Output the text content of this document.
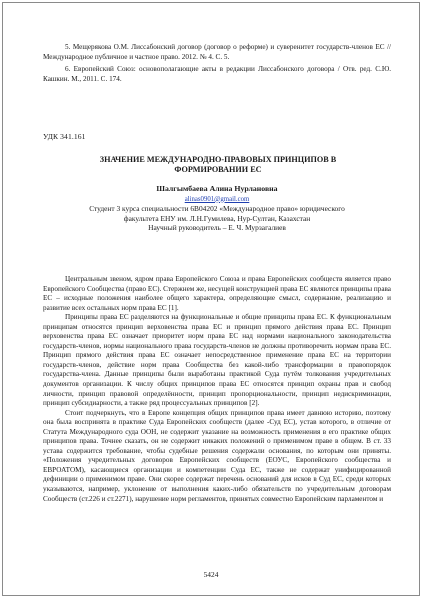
5. Мещерякова О.М. Лиссабонский договор (договор о реформе) и суверенитет государств-членов ЕС // Международное публичное и частное право. 2012. № 4. С. 5.

6. Европейский Союз: основополагающие акты в редакции Лиссабонского договора / Отв. ред. С.Ю. Кашкин. М., 2011. С. 174.

УДК 341.161
ЗНАЧЕНИЕ МЕЖДУНАРОДНО-ПРАВОВЫХ ПРИНЦИПОВ В ФОРМИРОВАНИИ ЕС
Шалгымбаева Алина Нурлановна
alinas0901@gmail.com
Студент 3 курса специальности 6В04202 «Международное право» юридического
факультета ЕНУ им. Л.Н.Гумилева, Нур-Султан, Казахстан
Научный руководитель – Е. Ч. Мурзагалиев

Центральным звеном, ядром права Европейского Союза и права Европейских сообществ является право Европейского Сообщества (право ЕС). Стержнем же, несущей конструкцией права ЕС являются принципы права ЕС – исходные положения наиболее общего характера, определяющие смысл, содержание, реализацию и развитие всех остальных норм права ЕС [1].

Принципы права ЕС разделяются на функциональные и общие принципы права ЕС. К функциональным принципам относятся принцип верховенства права ЕС и принцип прямого действия права ЕС. Принцип верховенства права ЕС означает приоритет норм права ЕС над нормами национального законодательства государств-членов, нормы национального права государств-членов не должны противоречить нормам права ЕС. Принцип прямого действия права ЕС означает непосредственное применение права ЕС на территории государств-членов, действие норм права Сообщества без какой-либо трансформации в правопорядок государства-члена. Данные принципы были выработаны практикой Суда путём толкования учредительных документов организации. К числу общих принципов права ЕС относятся принцип охраны прав и свобод личности, принцип правовой определённости, принцип пропорциональности, принцип недискриминации, принцип субсидиарности, а также ряд процессуальных принципов [2].

Стоит подчеркнуть, что в Европе концепция общих принципов права имеет давнюю историю, поэтому она была воспринята в практике Суда Европейских сообществ (далее -Суд ЕС), устав которого, в отличие от Статута Международного суда ООН, не содержит указание на возможность применения в его практике общих принципов права. Точнее сказать, он не содержит никаких положений о применимом праве в общем. В ст. 33 устава содержится требование, чтобы судебные решения содержали основания, по которым они приняты. «Положения учредительных договоров Европейских сообществ (ЕОУС, Европейского сообщества и ЕВРОАТОМ), касающиеся организации и компетенции Суда ЕС, также не содержат унифицированной дефиниции о применимом праве. Они скорее содержат перечень оснований для исков в Суд ЕС, среди которых указываются, например, уклонение от выполнения каких-либо обязательств по учредительным договорам Сообществ (ст.226 и ст.2271), нарушение норм регламентов, принятых совместно Европейским парламентом и

5424
